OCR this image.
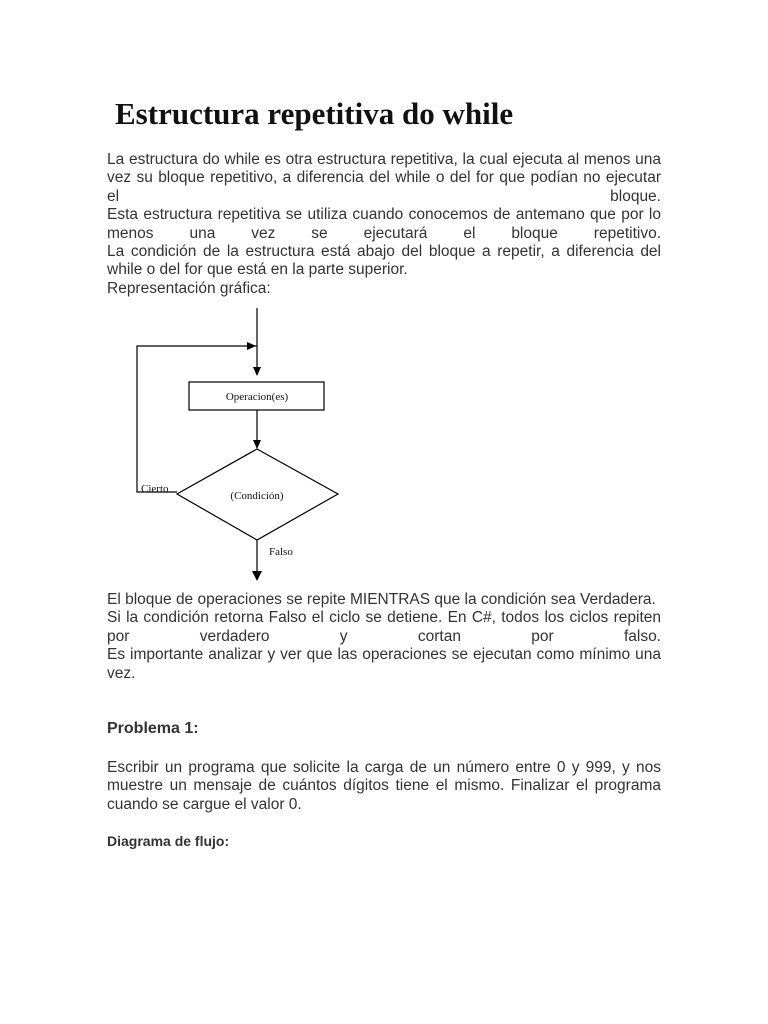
Estructura repetitiva do while

La estructura do while es otra estructura repetitiva, la cual ejecuta al menos una vez su bloque repetitivo, a diferencia del while o del for que podían no ejecutar el bloque.

Esta estructura repetitiva se utiliza cuando conocemos de antemano que por lo menos una vez se ejecutará el bloque repetitivo.

La condición de la estructura está abajo del bloque a repetir, a diferencia del while o del for que está en la parte superior.

Representación gráfica:

Operacion(es)
(Condición)
Cierto
Falso

El bloque de operaciones se repite MIENTRAS que la condición sea Verdadera.

Si la condición retorna Falso el ciclo se detiene. En C#, todos los ciclos repiten por verdadero y cortan por falso.

Es importante analizar y ver que las operaciones se ejecutan como mínimo una vez.

Problema 1:

Escribir un programa que solicite la carga de un número entre 0 y 999, y nos muestre un mensaje de cuántos dígitos tiene el mismo. Finalizar el programa cuando se cargue el valor 0.

Diagrama de flujo:
